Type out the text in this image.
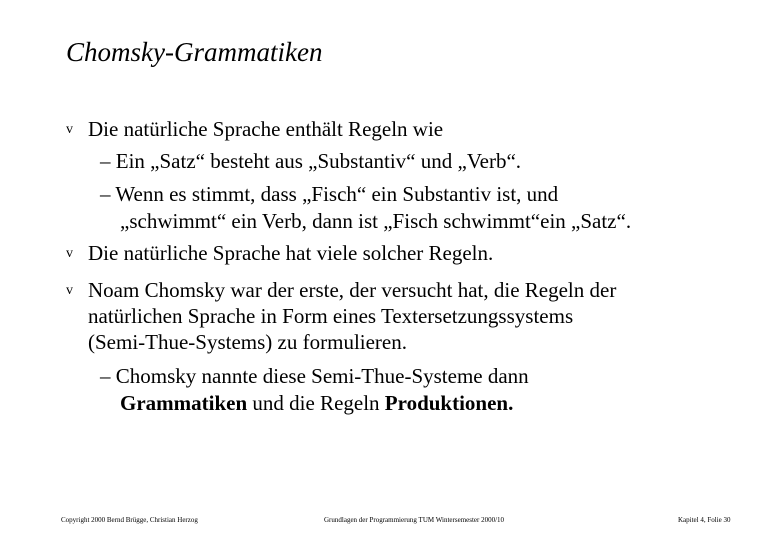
Chomsky-Grammatiken
v Die natürliche Sprache enthält Regeln wie
– Ein „Satz“ besteht aus „Substantiv“ und „Verb“.
– Wenn es stimmt, dass „Fisch“ ein Substantiv ist, und
„schwimmt“ ein Verb, dann ist „Fisch schwimmt“ein „Satz“.
v Die natürliche Sprache hat viele solcher Regeln.
v Noam Chomsky war der erste, der versucht hat, die Regeln der
natürlichen Sprache in Form eines Textersetzungssystems
(Semi-Thue-Systems) zu formulieren.
– Chomsky nannte diese Semi-Thue-Systeme dann
Grammatiken und die Regeln Produktionen.
Copyright 2000 Bernd Brügge, Christian Herzog	Grundlagen der Programmierung TUM Wintersemester 2000/10	Kapitel 4, Folie 30
